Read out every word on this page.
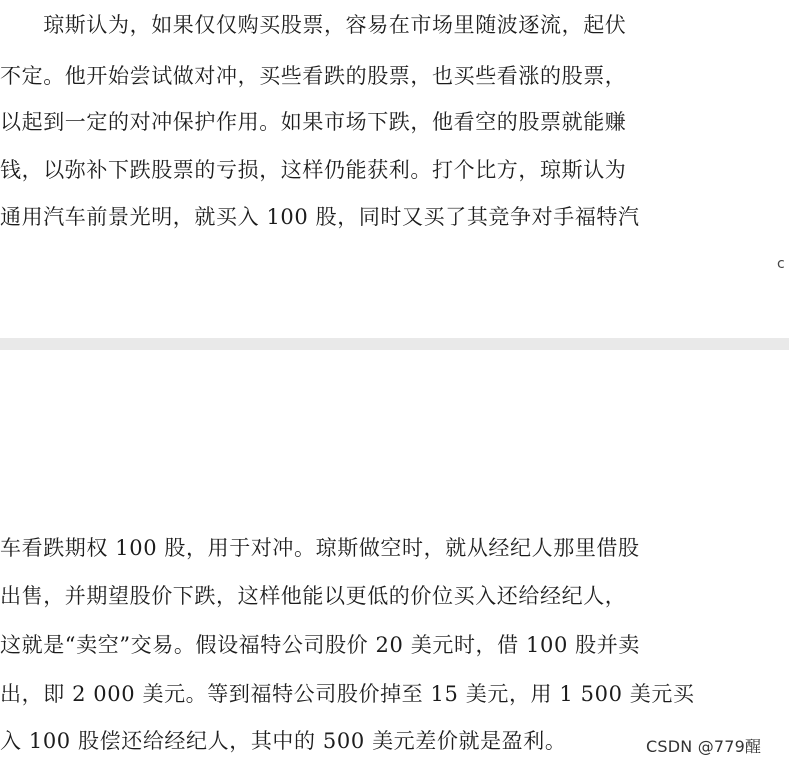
　　琼斯认为，如果仅仅购买股票，容易在市场里随波逐流，起伏
不定。他开始尝试做对冲，买些看跌的股票，也买些看涨的股票，
以起到一定的对冲保护作用。如果市场下跌，他看空的股票就能赚
钱，以弥补下跌股票的亏损，这样仍能获利。打个比方，琼斯认为
通用汽车前景光明，就买入 100 股，同时又买了其竞争对手福特汽
c
车看跌期权 100 股，用于对冲。琼斯做空时，就从经纪人那里借股
出售，并期望股价下跌，这样他能以更低的价位买入还给经纪人，
这就是“卖空”交易。假设福特公司股价 20 美元时，借 100 股并卖
出，即 2 000 美元。等到福特公司股价掉至 15 美元，用 1 500 美元买
入 100 股偿还给经纪人，其中的 500 美元差价就是盈利。	CSDN @779醒
